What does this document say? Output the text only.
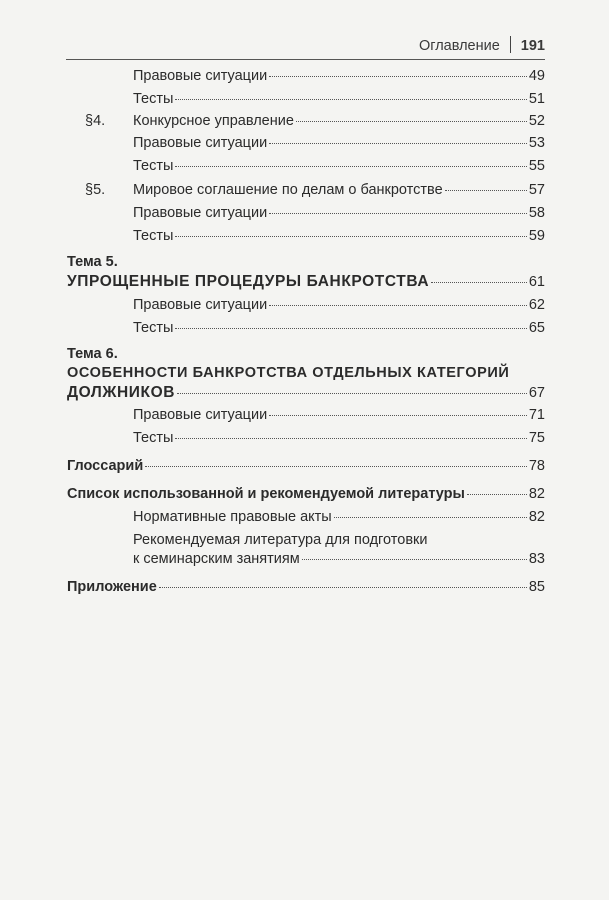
Оглавление 191
Правовые ситуации	49
Тесты	51
§4.	Конкурсное управление	52
Правовые ситуации	53
Тесты	55
§5.	Мировое соглашение по делам о банкротстве	57
Правовые ситуации	58
Тесты	59
Тема 5.
УПРОЩЕННЫЕ ПРОЦЕДУРЫ БАНКРОТСТВА	61
Правовые ситуации	62
Тесты	65
Тема 6.
ОСОБЕННОСТИ БАНКРОТСТВА ОТДЕЛЬНЫХ КАТЕГОРИЙ
ДОЛЖНИКОВ	67
Правовые ситуации	71
Тесты	75
Глоссарий	78
Список использованной и рекомендуемой литературы	82
Нормативные правовые акты	82
Рекомендуемая литература для подготовки
к семинарским занятиям	83
Приложение	85
